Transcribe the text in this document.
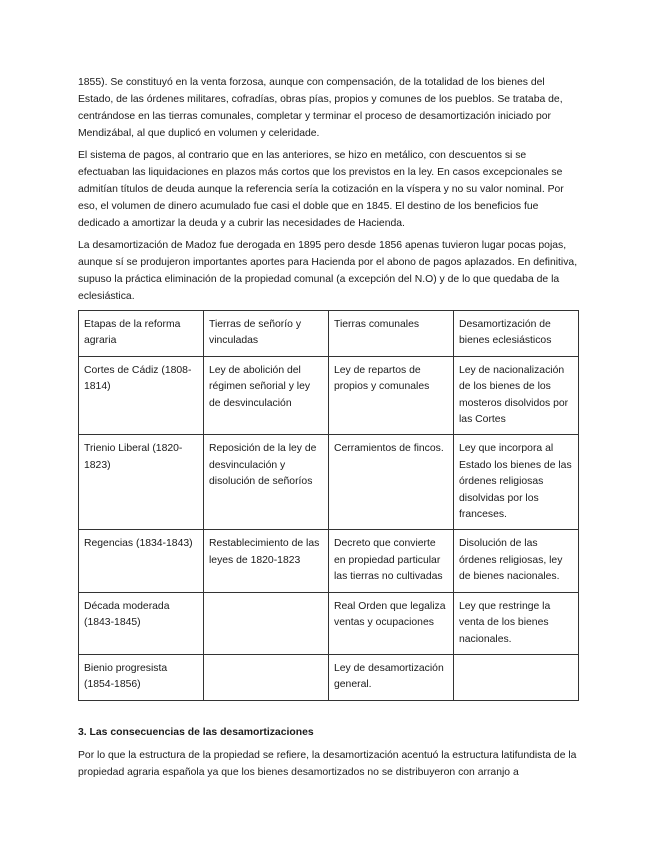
1855). Se constituyó en la venta forzosa, aunque con compensación, de la totalidad de los bienes del Estado, de las órdenes militares, cofradías, obras pías, propios y comunes de los pueblos. Se trataba de, centrándose en las tierras comunales, completar y terminar el proceso de desamortización iniciado por Mendizábal, al que duplicó en volumen y celeridade.

El sistema de pagos, al contrario que en las anteriores, se hizo en metálico, con descuentos si se efectuaban las liquidaciones en plazos más cortos que los previstos en la ley. En casos excepcionales se admitían títulos de deuda aunque la referencia sería la cotización en la víspera y no su valor nominal. Por eso, el volumen de dinero acumulado fue casi el doble que en 1845. El destino de los beneficios fue dedicado a amortizar la deuda y a cubrir las necesidades de Hacienda.

La desamortización de Madoz fue derogada en 1895 pero desde 1856 apenas tuvieron lugar pocas pojas, aunque sí se produjeron importantes aportes para Hacienda por el abono de pagos aplazados. En definitiva, supuso la práctica eliminación de la propiedad comunal (a excepción del N.O) y de lo que quedaba de la eclesiástica.

Etapas de la reforma agraria	Tierras de señorío y vinculadas	Tierras comunales	Desamortización de bienes eclesiásticos
Cortes de Cádiz (1808-1814)	Ley de abolición del régimen señorial y ley de desvinculación	Ley de repartos de propios y comunales	Ley de nacionalización de los bienes de los mosteros disolvidos por las Cortes
Trienio Liberal (1820-1823)	Reposición de la ley de desvinculación y disolución de señoríos	Cerramientos de fincos.	Ley que incorpora al Estado los bienes de las órdenes religiosas disolvidas por los franceses.
Regencias (1834-1843)	Restablecimiento de las leyes de 1820-1823	Decreto que convierte en propiedad particular las tierras no cultivadas	Disolución de las órdenes religiosas, ley de bienes nacionales.
Década moderada (1843-1845)		Real Orden que legaliza ventas y ocupaciones	Ley que restringe la venta de los bienes nacionales.
Bienio progresista (1854-1856)		Ley de desamortización general.	
3. Las consecuencias de las desamortizaciones

Por lo que la estructura de la propiedad se refiere, la desamortización acentuó la estructura latifundista de la propiedad agraria española ya que los bienes desamortizados no se distribuyeron con arranjo a
